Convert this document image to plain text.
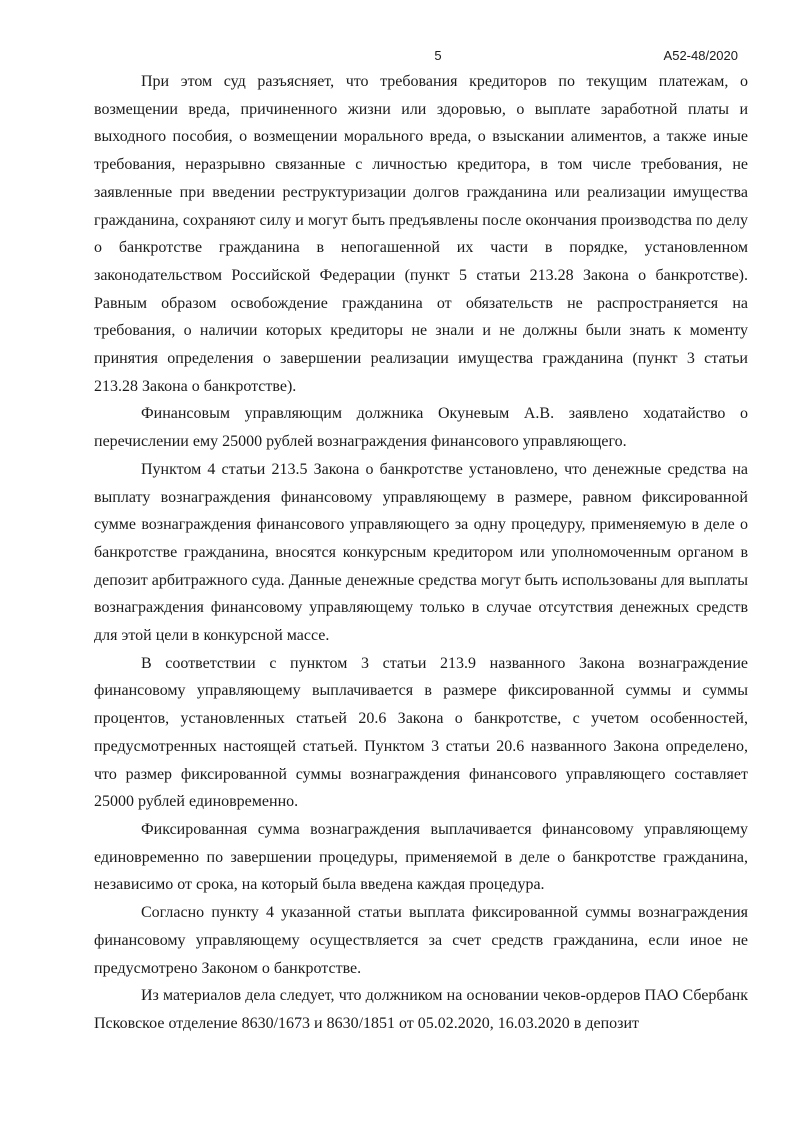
5	А52-48/2020

При этом суд разъясняет, что требования кредиторов по текущим платежам, о возмещении вреда, причиненного жизни или здоровью, о выплате заработной платы и выходного пособия, о возмещении морального вреда, о взыскании алиментов, а также иные требования, неразрывно связанные с личностью кредитора, в том числе требования, не заявленные при введении реструктуризации долгов гражданина или реализации имущества гражданина, сохраняют силу и могут быть предъявлены после окончания производства по делу о банкротстве гражданина в непогашенной их части в порядке, установленном законодательством Российской Федерации (пункт 5 статьи 213.28 Закона о банкротстве). Равным образом освобождение гражданина от обязательств не распространяется на требования, о наличии которых кредиторы не знали и не должны были знать к моменту принятия определения о завершении реализации имущества гражданина (пункт 3 статьи 213.28 Закона о банкротстве).

Финансовым управляющим должника Окуневым А.В. заявлено ходатайство о перечислении ему 25000 рублей вознаграждения финансового управляющего.

Пунктом 4 статьи 213.5 Закона о банкротстве установлено, что денежные средства на выплату вознаграждения финансовому управляющему в размере, равном фиксированной сумме вознаграждения финансового управляющего за одну процедуру, применяемую в деле о банкротстве гражданина, вносятся конкурсным кредитором или уполномоченным органом в депозит арбитражного суда. Данные денежные средства могут быть использованы для выплаты вознаграждения финансовому управляющему только в случае отсутствия денежных средств для этой цели в конкурсной массе.

В соответствии с пунктом 3 статьи 213.9 названного Закона вознаграждение финансовому управляющему выплачивается в размере фиксированной суммы и суммы процентов, установленных статьей 20.6 Закона о банкротстве, с учетом особенностей, предусмотренных настоящей статьей. Пунктом 3 статьи 20.6 названного Закона определено, что размер фиксированной суммы вознаграждения финансового управляющего составляет 25000 рублей единовременно.

Фиксированная сумма вознаграждения выплачивается финансовому управляющему единовременно по завершении процедуры, применяемой в деле о банкротстве гражданина, независимо от срока, на который была введена каждая процедура.

Согласно пункту 4 указанной статьи выплата фиксированной суммы вознаграждения финансовому управляющему осуществляется за счет средств гражданина, если иное не предусмотрено Законом о банкротстве.

Из материалов дела следует, что должником на основании чеков-ордеров ПАО Сбербанк Псковское отделение 8630/1673 и 8630/1851 от 05.02.2020, 16.03.2020 в депозит
